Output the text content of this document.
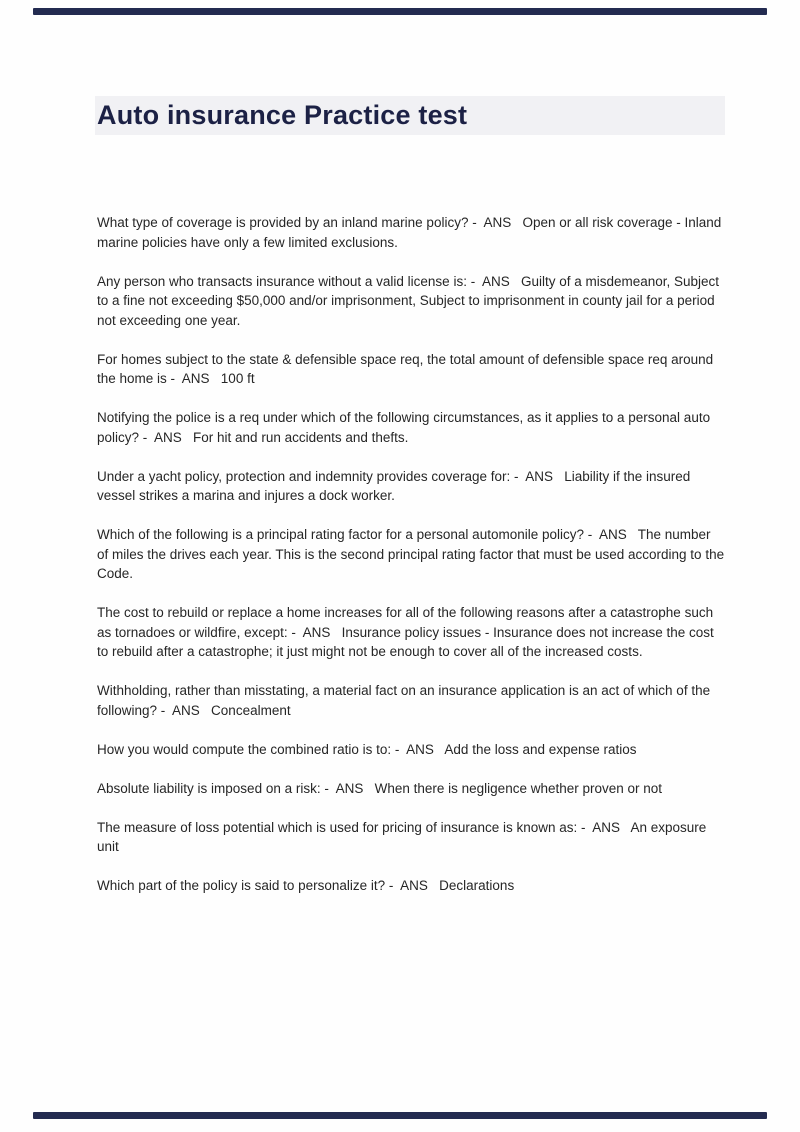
Auto insurance Practice test

What type of coverage is provided by an inland marine policy? -  ANS   Open or all risk coverage - Inland marine policies have only a few limited exclusions.

Any person who transacts insurance without a valid license is: -  ANS   Guilty of a misdemeanor, Subject to a fine not exceeding $50,000 and/or imprisonment, Subject to imprisonment in county jail for a period not exceeding one year.

For homes subject to the state & defensible space req, the total amount of defensible space req around the home is -  ANS   100 ft

Notifying the police is a req under which of the following circumstances, as it applies to a personal auto policy? -  ANS   For hit and run accidents and thefts.

Under a yacht policy, protection and indemnity provides coverage for: -  ANS   Liability if the insured vessel strikes a marina and injures a dock worker.

Which of the following is a principal rating factor for a personal automonile policy? -  ANS   The number of miles the drives each year. This is the second principal rating factor that must be used according to the Code.

The cost to rebuild or replace a home increases for all of the following reasons after a catastrophe such as tornadoes or wildfire, except: -  ANS   Insurance policy issues - Insurance does not increase the cost to rebuild after a catastrophe; it just might not be enough to cover all of the increased costs.

Withholding, rather than misstating, a material fact on an insurance application is an act of which of the following? -  ANS   Concealment

How you would compute the combined ratio is to: -  ANS   Add the loss and expense ratios

Absolute liability is imposed on a risk: -  ANS   When there is negligence whether proven or not

The measure of loss potential which is used for pricing of insurance is known as: -  ANS   An exposure unit

Which part of the policy is said to personalize it? -  ANS   Declarations
